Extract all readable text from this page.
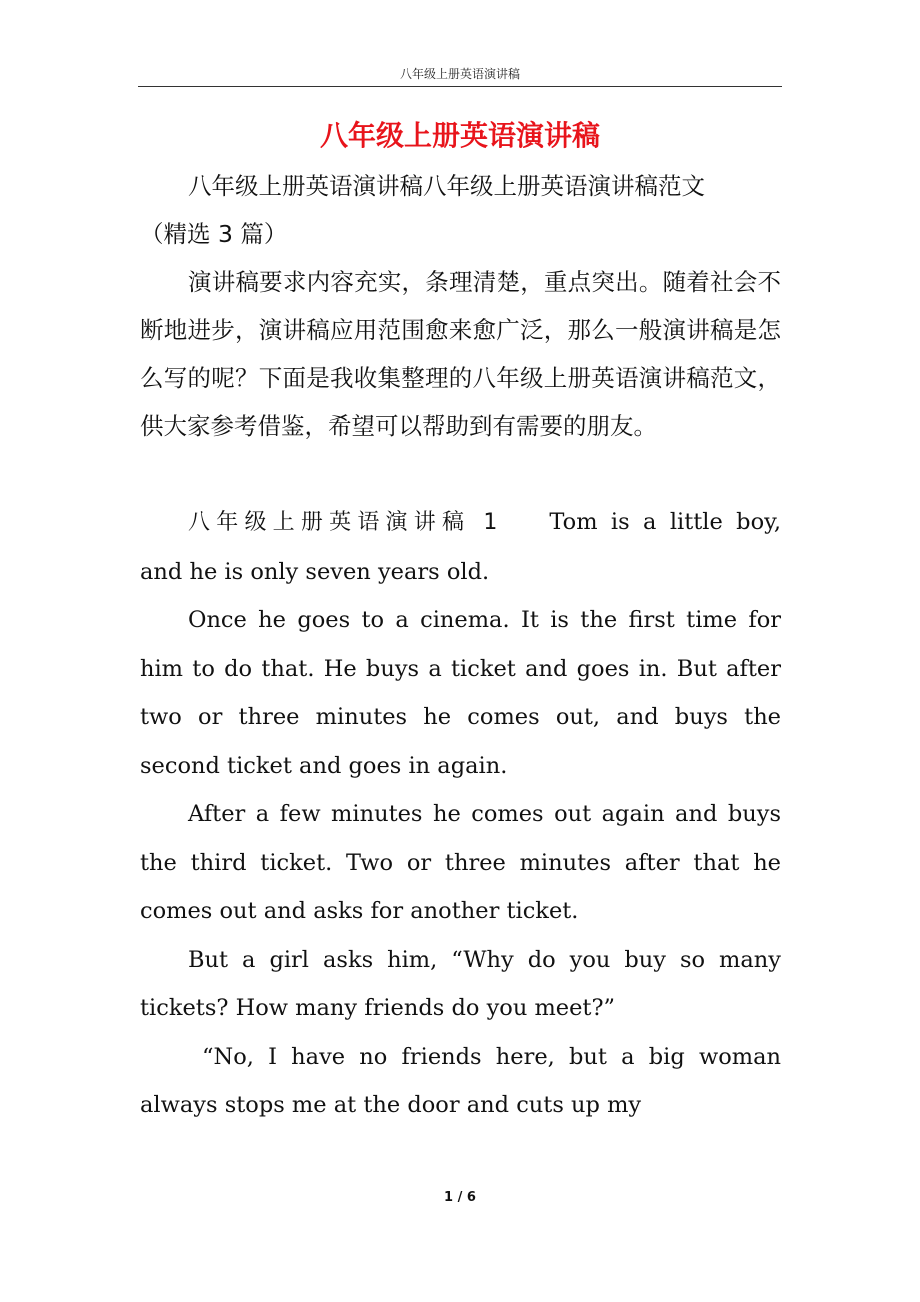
八年级上册英语演讲稿
八年级上册英语演讲稿

八年级上册英语演讲稿八年级上册英语演讲稿范文

（精选 3 篇）

演讲稿要求内容充实，条理清楚，重点突出。随着社会不断地进步，演讲稿应用范围愈来愈广泛，那么一般演讲稿是怎么写的呢？下面是我收集整理的八年级上册英语演讲稿范文，供大家参考借鉴，希望可以帮助到有需要的朋友。

八年级上册英语演讲稿 1 Tom is a little boy,
and he is only seven years old.

Once he goes to a cinema. It is the first time for him to do that. He buys a ticket and goes in. But after two or three minutes he comes out, and buys the second ticket and goes in again.

After a few minutes he comes out again and buys the third ticket. Two or three minutes after that he comes out and asks for another ticket.

But a girl asks him, “Why do you buy so many tickets? How many friends do you meet?”

“No, I have no friends here, but a big woman always stops me at the door and cuts up my

1 / 6
